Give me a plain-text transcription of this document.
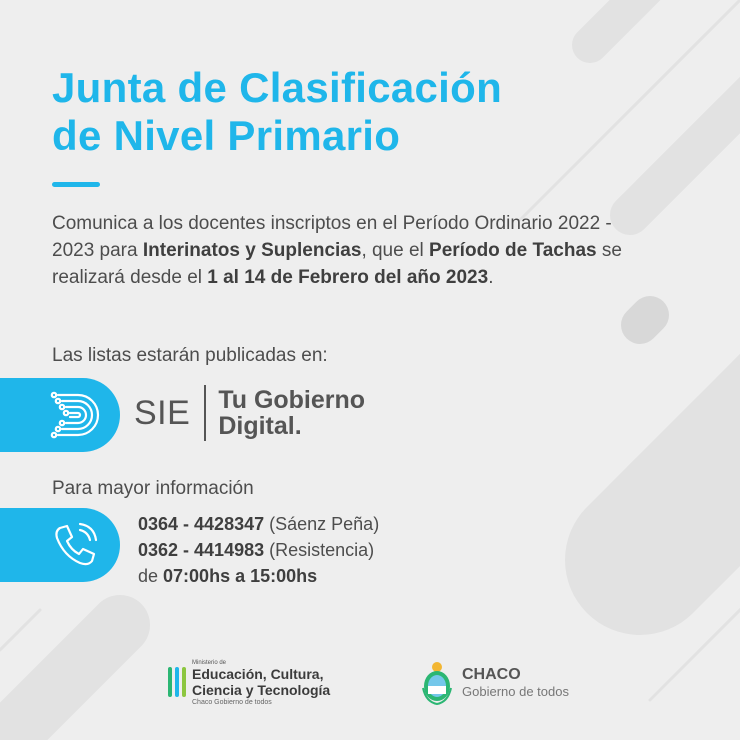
Junta de Clasificación
de Nivel Primario
Comunica a los docentes inscriptos en el Período Ordinario 2022 - 2023 para Interinatos y Suplencias, que el Período de Tachas se realizará desde el 1 al 14 de Febrero del año 2023.
Las listas estarán publicadas en:
SIE Tu Gobierno
Digital.
Para mayor información
0364 - 4428347 (Sáenz Peña)
0362 - 4414983 (Resistencia)
de 07:00hs a 15:00hs
Ministerio de
Educación, Cultura,
Ciencia y Tecnología
Chaco Gobierno de todos
CHACO
Gobierno de todos
